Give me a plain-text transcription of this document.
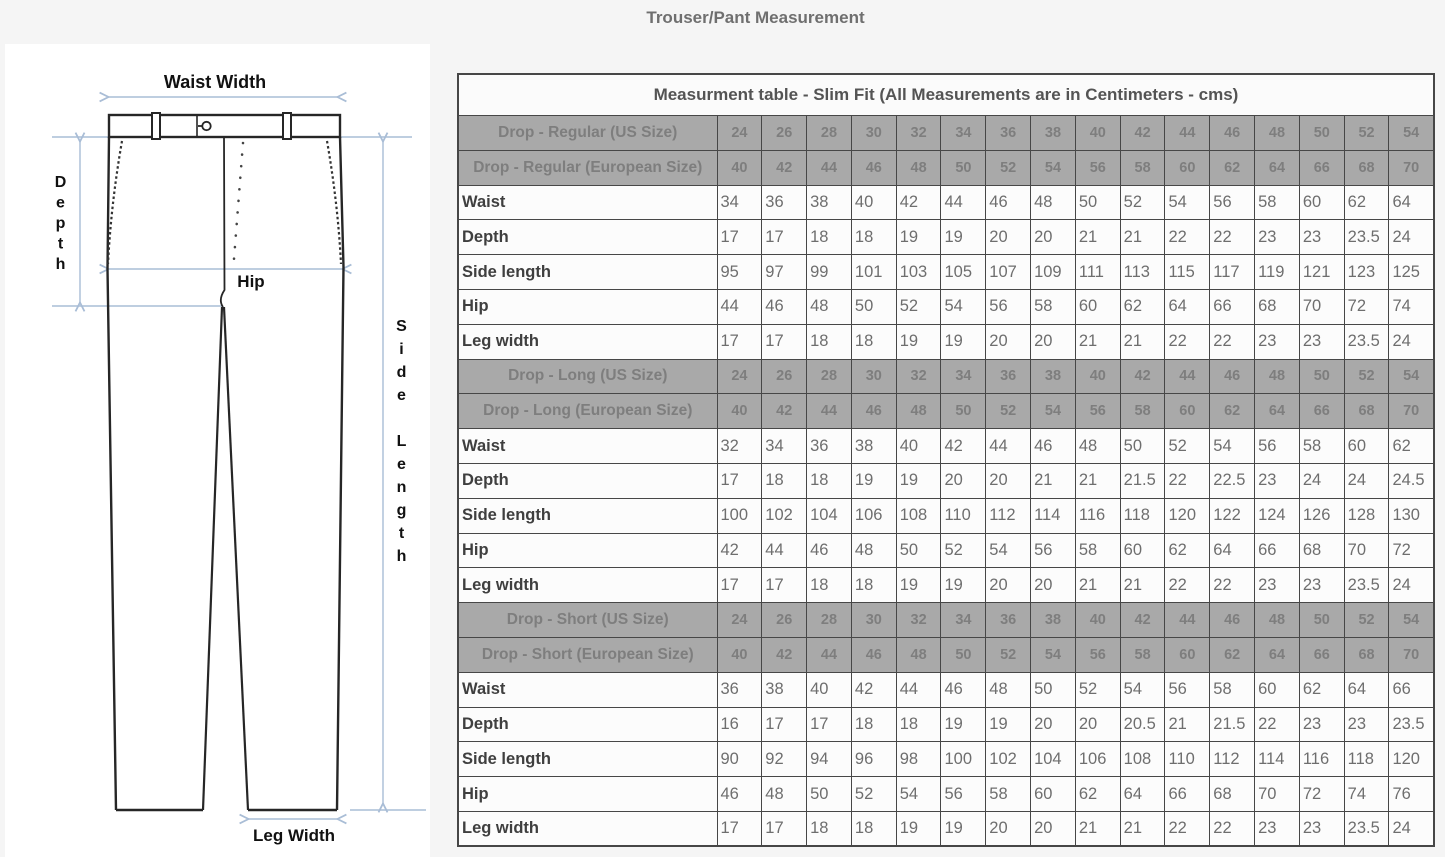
Trouser/Pant Measurement
Waist Width
Depth
Hip
Side Length
Leg Width
Measurment table - Slim Fit (All Measurements are in Centimeters - cms)																
Drop - Regular (US Size)	24	26	28	30	32	34	36	38	40	42	44	46	48	50	52	54
Drop - Regular (European Size)	40	42	44	46	48	50	52	54	56	58	60	62	64	66	68	70
Waist	34	36	38	40	42	44	46	48	50	52	54	56	58	60	62	64
Depth	17	17	18	18	19	19	20	20	21	21	22	22	23	23	23.5	24
Side length	95	97	99	101	103	105	107	109	111	113	115	117	119	121	123	125
Hip	44	46	48	50	52	54	56	58	60	62	64	66	68	70	72	74
Leg width	17	17	18	18	19	19	20	20	21	21	22	22	23	23	23.5	24
Drop - Long (US Size)	24	26	28	30	32	34	36	38	40	42	44	46	48	50	52	54
Drop - Long (European Size)	40	42	44	46	48	50	52	54	56	58	60	62	64	66	68	70
Waist	32	34	36	38	40	42	44	46	48	50	52	54	56	58	60	62
Depth	17	18	18	19	19	20	20	21	21	21.5	22	22.5	23	24	24	24.5
Side length	100	102	104	106	108	110	112	114	116	118	120	122	124	126	128	130
Hip	42	44	46	48	50	52	54	56	58	60	62	64	66	68	70	72
Leg width	17	17	18	18	19	19	20	20	21	21	22	22	23	23	23.5	24
Drop - Short (US Size)	24	26	28	30	32	34	36	38	40	42	44	46	48	50	52	54
Drop - Short (European Size)	40	42	44	46	48	50	52	54	56	58	60	62	64	66	68	70
Waist	36	38	40	42	44	46	48	50	52	54	56	58	60	62	64	66
Depth	16	17	17	18	18	19	19	20	20	20.5	21	21.5	22	23	23	23.5
Side length	90	92	94	96	98	100	102	104	106	108	110	112	114	116	118	120
Hip	46	48	50	52	54	56	58	60	62	64	66	68	70	72	74	76
Leg width	17	17	18	18	19	19	20	20	21	21	22	22	23	23	23.5	24
